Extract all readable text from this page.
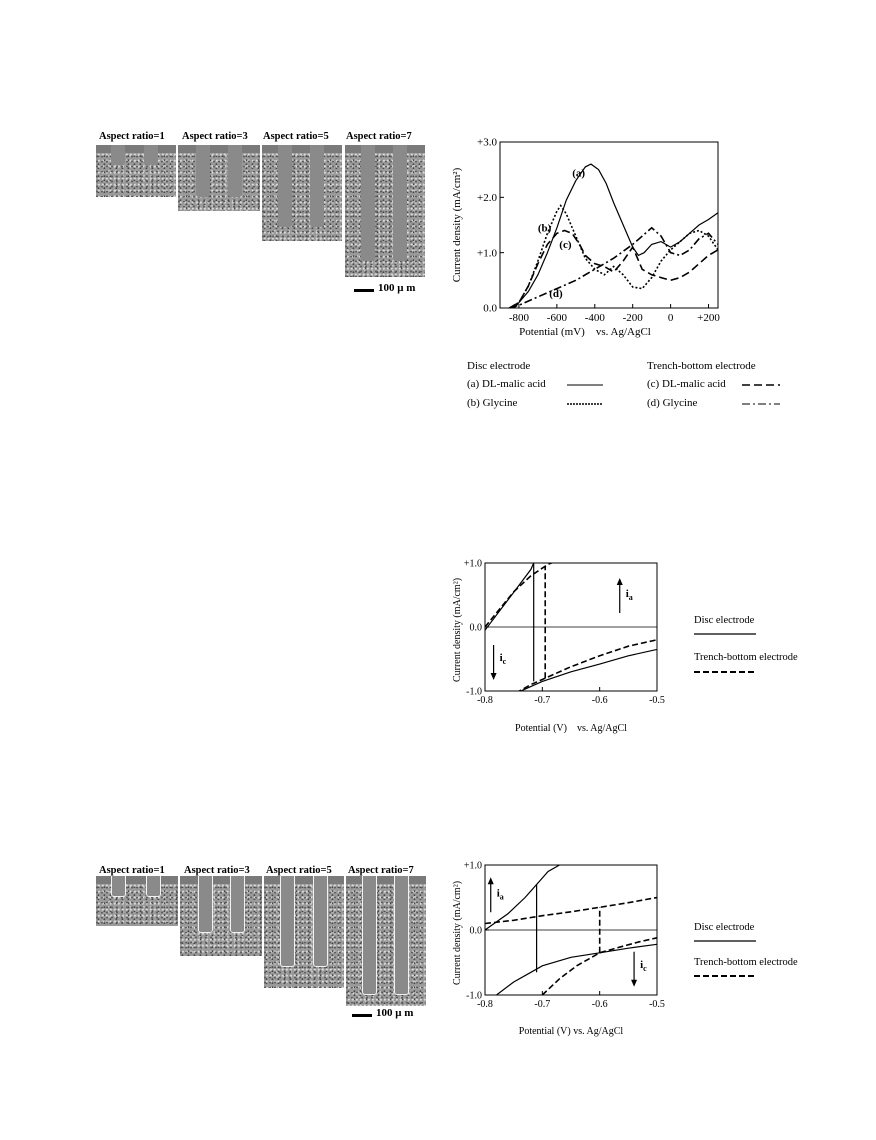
Aspect ratio=1 Aspect ratio=3 Aspect ratio=5 Aspect ratio=7
100 μ m
-800 -600 -400 -200 0 +200
0.0
+1.0
+2.0
+3.0
(a)
(b)
(c)
(d)
Current density (mA/cm²)
Potential (mV)    vs. Ag/AgCl
Disc electrode
(a) DL-malic acid
(b) Glycine
Trench-bottom electrode
(c) DL-malic acid
(d) Glycine
-0.8	-0.7	-0.6	-0.5
-1.0
0.0
+1.0
$i_a$
$i_c$
Current density (mA/cm²)
Potential (V)    vs. Ag/AgCl
Disc electrode
Trench-bottom electrode
Aspect ratio=1 Aspect ratio=3 Aspect ratio=5 Aspect ratio=7
100 μ m
-0.8	-0.7	-0.6	-0.5
-1.0
0.0
+1.0
$i_a$
$i_c$
Current density (mA/cm²)
Potential (V) vs. Ag/AgCl
Disc electrode
Trench-bottom electrode
